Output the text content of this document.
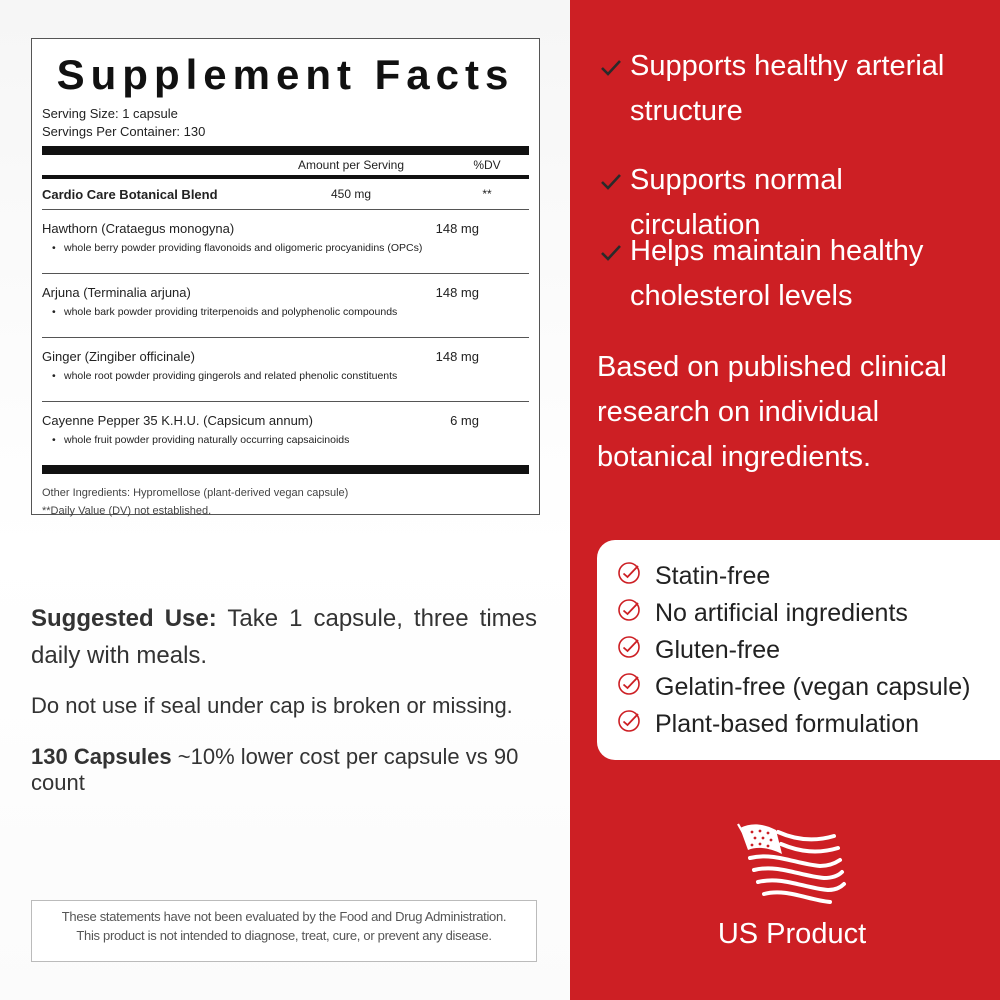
Supplement Facts
Serving Size: 1 capsule
Servings Per Container: 130
Amount per Serving	%DV
Cardio Care Botanical Blend	450 mg	**
Hawthorn (Crataegus monogyna)	148 mg
• whole berry powder providing flavonoids and oligomeric procyanidins (OPCs)
Arjuna (Terminalia arjuna)	148 mg
• whole bark powder providing triterpenoids and polyphenolic compounds
Ginger (Zingiber officinale)	148 mg
• whole root powder providing gingerols and related phenolic constituents
Cayenne Pepper 35 K.H.U. (Capsicum annum)	6 mg
• whole fruit powder providing naturally occurring capsaicinoids
Other Ingredients: Hypromellose (plant-derived vegan capsule)
**Daily Value (DV) not established.

Suggested Use: Take 1 capsule, three times daily with meals.

Do not use if seal under cap is broken or missing.

130 Capsules ~10% lower cost per capsule vs 90 count

These statements have not been evaluated by the Food and Drug Administration.
This product is not intended to diagnose, treat, cure, or prevent any disease.
Supports healthy arterial structure
Supports normal circulation
Helps maintain healthy cholesterol levels
Based on published clinical research on individual botanical ingredients.
Statin-free
No artificial ingredients
Gluten-free
Gelatin-free (vegan capsule)
Plant-based formulation
US Product
